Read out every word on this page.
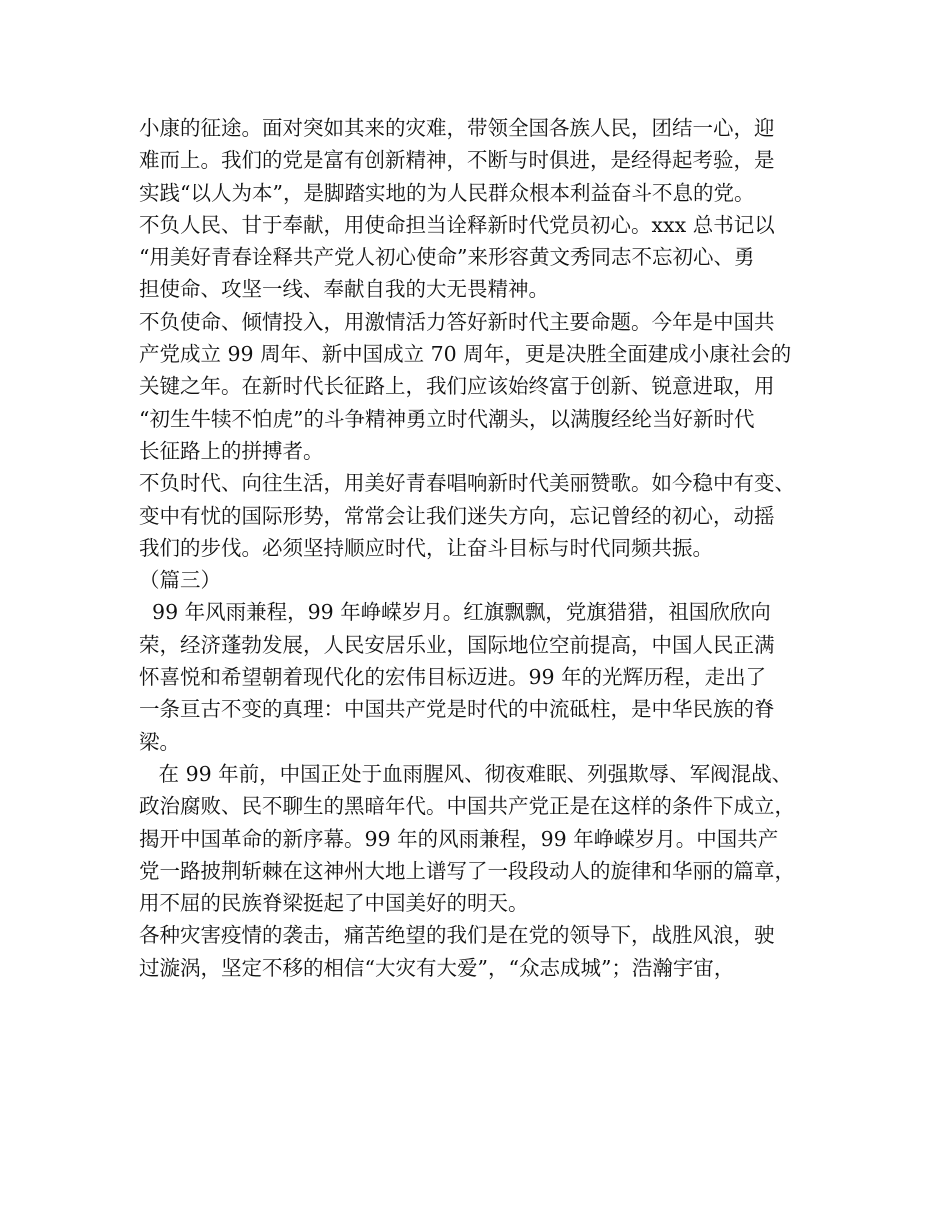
小康的征途。面对突如其来的灾难，带领全国各族人民，团结一心，迎
难而上。我们的党是富有创新精神，不断与时俱进，是经得起考验，是
实践“以人为本”，是脚踏实地的为人民群众根本利益奋斗不息的党。
不负人民、甘于奉献，用使命担当诠释新时代党员初心。xxx 总书记以
“用美好青春诠释共产党人初心使命”来形容黄文秀同志不忘初心、勇
担使命、攻坚一线、奉献自我的大无畏精神。
不负使命、倾情投入，用激情活力答好新时代主要命题。今年是中国共
产党成立 99 周年、新中国成立 70 周年，更是决胜全面建成小康社会的
关键之年。在新时代长征路上，我们应该始终富于创新、锐意进取，用
“初生牛犊不怕虎”的斗争精神勇立时代潮头，以满腹经纶当好新时代
长征路上的拼搏者。
不负时代、向往生活，用美好青春唱响新时代美丽赞歌。如今稳中有变、
变中有忧的国际形势，常常会让我们迷失方向，忘记曾经的初心，动摇
我们的步伐。必须坚持顺应时代，让奋斗目标与时代同频共振。
（篇三）
99 年风雨兼程，99 年峥嵘岁月。红旗飘飘，党旗猎猎，祖国欣欣向
荣，经济蓬勃发展，人民安居乐业，国际地位空前提高，中国人民正满
怀喜悦和希望朝着现代化的宏伟目标迈进。99 年的光辉历程，走出了
一条亘古不变的真理：中国共产党是时代的中流砥柱，是中华民族的脊
梁。
在 99 年前，中国正处于血雨腥风、彻夜难眠、列强欺辱、军阀混战、
政治腐败、民不聊生的黑暗年代。中国共产党正是在这样的条件下成立，
揭开中国革命的新序幕。99 年的风雨兼程，99 年峥嵘岁月。中国共产
党一路披荆斩棘在这神州大地上谱写了一段段动人的旋律和华丽的篇章，
用不屈的民族脊梁挺起了中国美好的明天。
各种灾害疫情的袭击，痛苦绝望的我们是在党的领导下，战胜风浪，驶
过漩涡，坚定不移的相信“大灾有大爱”，“众志成城”；浩瀚宇宙，
